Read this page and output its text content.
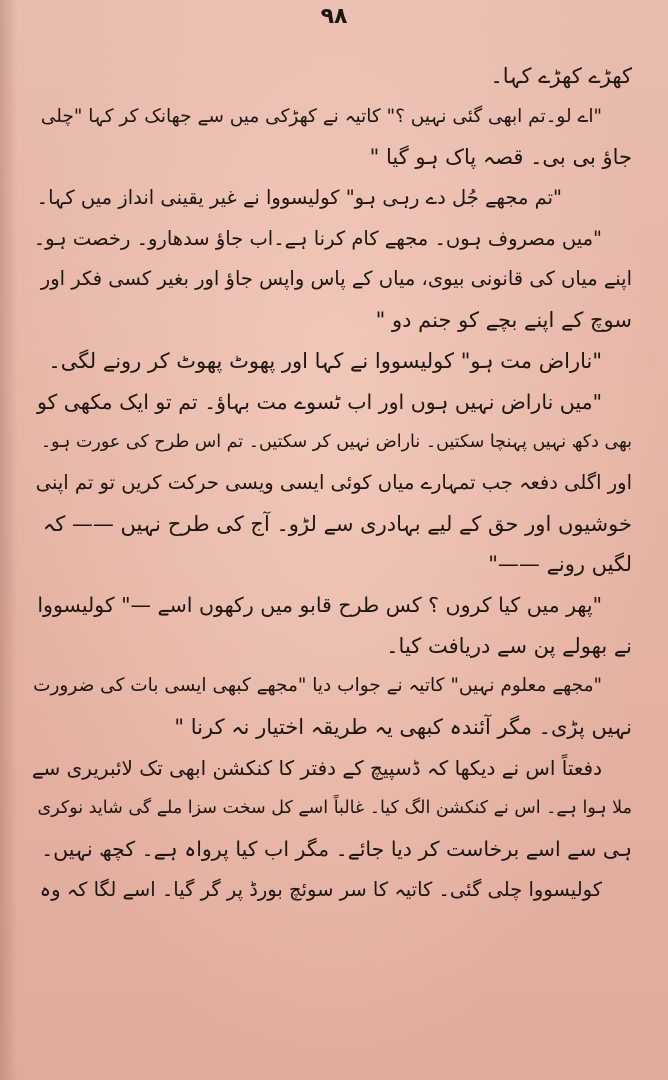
۹۸
کھڑے کھڑے کہا۔
"اے لو۔تم ابھی گئی نہیں ؟" کاتیہ نے کھڑکی میں سے جھانک کر کہا "چلی
جاؤ بی بی۔ قصہ پاک ہو گیا "
"تم مجھے جُل دے رہی ہو" کولیسووا نے غیر یقینی انداز میں کہا۔
"میں مصروف ہوں۔ مجھے کام کرنا ہے۔اب جاؤ سدھارو۔ رخصت ہو۔
اپنے میاں کی قانونی بیوی، میاں کے پاس واپس جاؤ اور بغیر کسی فکر اور
سوچ کے اپنے بچے کو جنم دو "
"ناراض مت ہو" کولیسووا نے کہا اور پھوٹ پھوٹ کر رونے لگی۔
"میں ناراض نہیں ہوں اور اب ٹسوے مت بہاؤ۔ تم تو ایک مکھی کو
بھی دکھ نہیں پہنچا سکتیں۔ ناراض نہیں کر سکتیں۔ تم اس طرح کی عورت ہو۔
اور اگلی دفعہ جب تمہارے میاں کوئی ایسی ویسی حرکت کریں تو تم اپنی
خوشیوں اور حق کے لیے بہادری سے لڑو۔ آج کی طرح نہیں —— کہ
لگیں رونے ——"
"پھر میں کیا کروں ؟ کس طرح قابو میں رکھوں اسے —" کولیسووا
نے بھولے پن سے دریافت کیا۔
"مجھے معلوم نہیں" کاتیہ نے جواب دیا "مجھے کبھی ایسی بات کی ضرورت
نہیں پڑی۔ مگر آئندہ کبھی یہ طریقہ اختیار نہ کرنا "
دفعتاً اس نے دیکھا کہ ڈسپیچ کے دفتر کا کنکشن ابھی تک لائبریری سے
ملا ہوا ہے۔ اس نے کنکشن الگ کیا۔ غالباً اسے کل سخت سزا ملے گی شاید نوکری
ہی سے اسے برخاست کر دیا جائے۔ مگر اب کیا پرواہ ہے۔ کچھ نہیں۔
کولیسووا چلی گئی۔ کاتیہ کا سر سوئچ بورڈ پر گر گیا۔ اسے لگا کہ وہ
